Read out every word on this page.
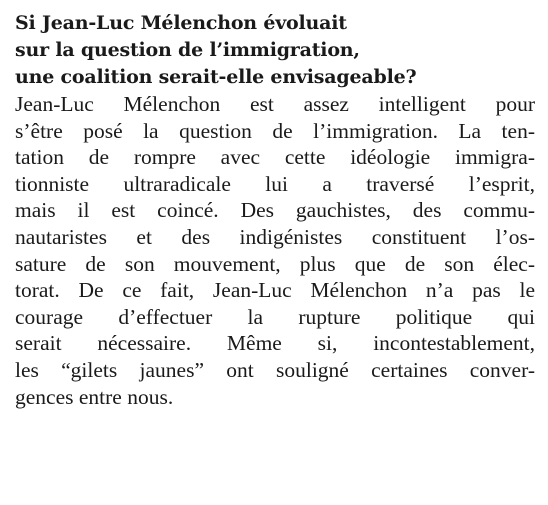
Si Jean-Luc Mélenchon évoluait
sur la question de l’immigration,
une coalition serait-elle envisageable?
Jean-Luc Mélenchon est assez intelligent pour
s’être posé la question de l’immigration. La ten-
tation de rompre avec cette idéologie immigra-
tionniste ultraradicale lui a traversé l’esprit,
mais il est coincé. Des gauchistes, des commu-
nautaristes et des indigénistes constituent l’os-
sature de son mouvement, plus que de son élec-
torat. De ce fait, Jean-Luc Mélenchon n’a pas le
courage d’effectuer la rupture politique qui
serait nécessaire. Même si, incontestablement,
les “gilets jaunes” ont souligné certaines conver-
gences entre nous.
